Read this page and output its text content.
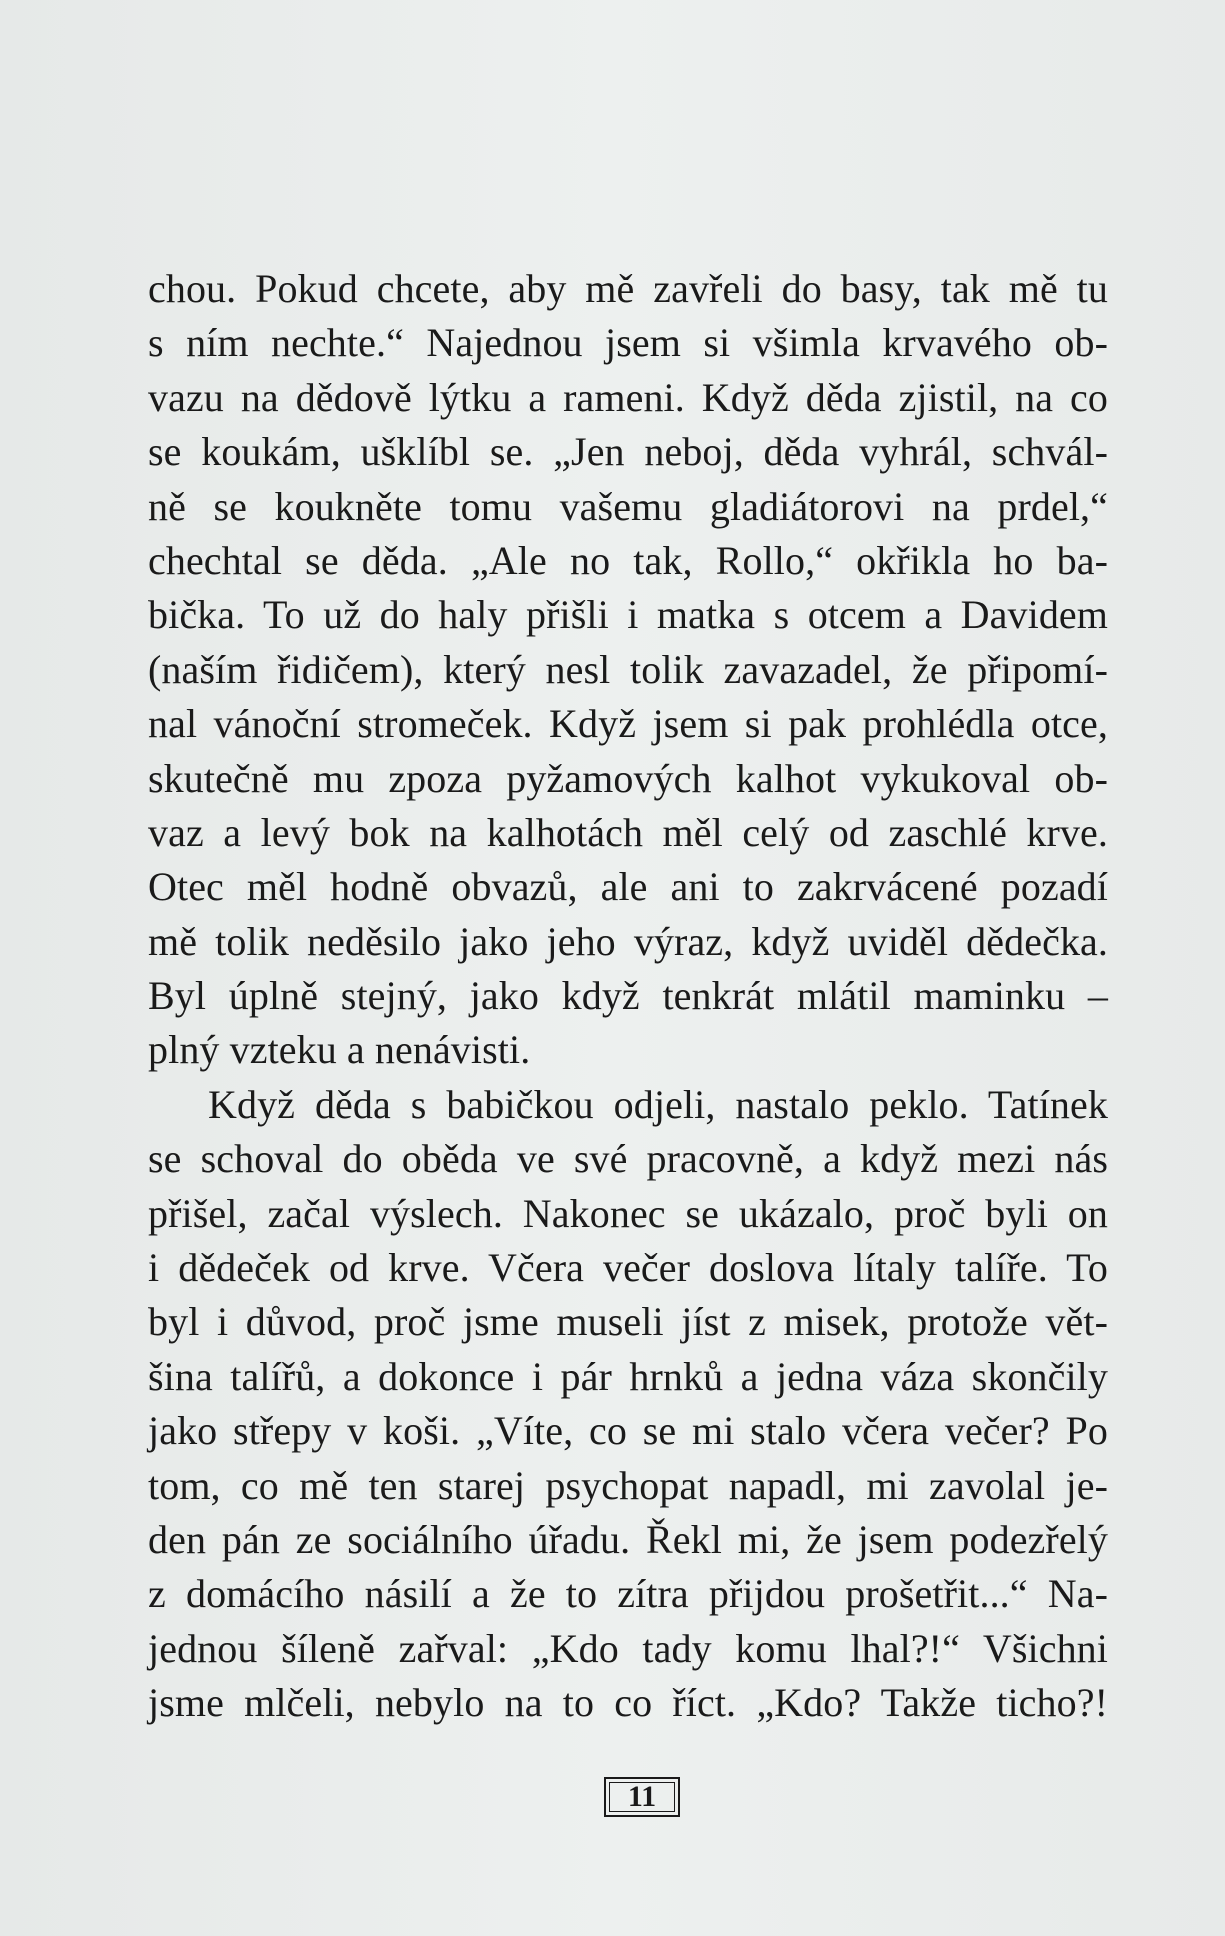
chou. Pokud chcete, aby mě zavřeli do basy, tak mě tu
s ním nechte.“ Najednou jsem si všimla krvavého ob-
vazu na dědově lýtku a rameni. Když děda zjistil, na co
se koukám, ušklíbl se. „Jen neboj, děda vyhrál, schvál-
ně se koukněte tomu vašemu gladiátorovi na prdel,“
chechtal se děda. „Ale no tak, Rollo,“ okřikla ho ba-
bička. To už do haly přišli i matka s otcem a Davidem
(naším řidičem), který nesl tolik zavazadel, že připomí-
nal vánoční stromeček. Když jsem si pak prohlédla otce,
skutečně mu zpoza pyžamových kalhot vykukoval ob-
vaz a levý bok na kalhotách měl celý od zaschlé krve.
Otec měl hodně obvazů, ale ani to zakrvácené pozadí
mě tolik neděsilo jako jeho výraz, když uviděl dědečka.
Byl úplně stejný, jako když tenkrát mlátil maminku –
plný vzteku a nenávisti.
Když děda s babičkou odjeli, nastalo peklo. Tatínek
se schoval do oběda ve své pracovně, a když mezi nás
přišel, začal výslech. Nakonec se ukázalo, proč byli on
i dědeček od krve. Včera večer doslova lítaly talíře. To
byl i důvod, proč jsme museli jíst z misek, protože vět-
šina talířů, a dokonce i pár hrnků a jedna váza skončily
jako střepy v koši. „Víte, co se mi stalo včera večer? Po
tom, co mě ten starej psychopat napadl, mi zavolal je-
den pán ze sociálního úřadu. Řekl mi, že jsem podezřelý
z domácího násilí a že to zítra přijdou prošetřit...“ Na-
jednou šíleně zařval: „Kdo tady komu lhal?!“ Všichni
jsme mlčeli, nebylo na to co říct. „Kdo? Takže ticho?!
11
